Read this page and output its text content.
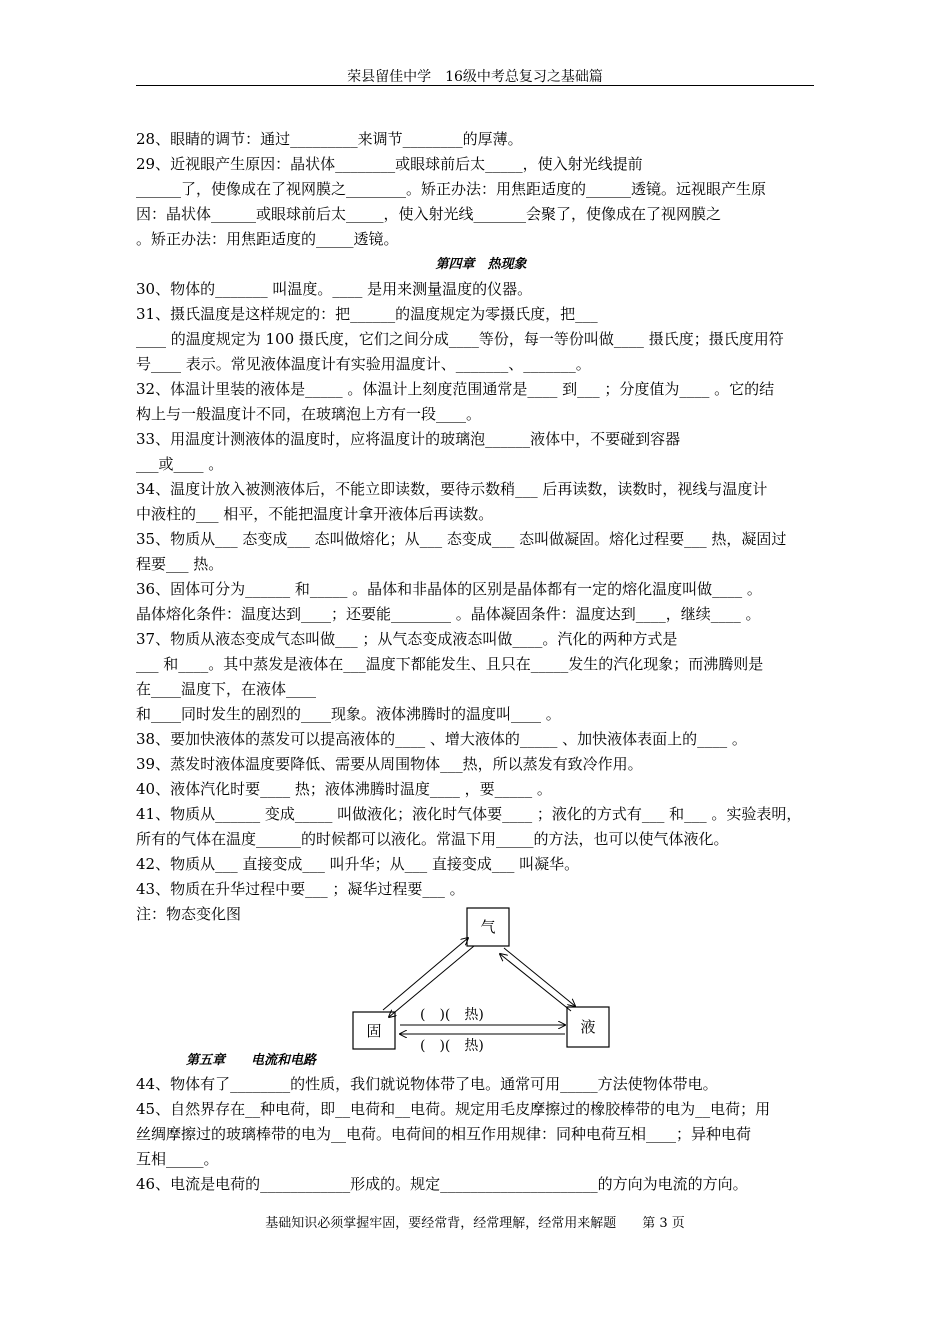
荣县留佳中学　16级中考总复习之基础篇

28、眼睛的调节：通过_________来调节________的厚薄。

29、近视眼产生原因：晶状体________或眼球前后太_____，使入射光线提前

______了，使像成在了视网膜之________。矫正办法：用焦距适度的______透镜。远视眼产生原

因：晶状体______或眼球前后太_____，使入射光线_______会聚了，使像成在了视网膜之

。矫正办法：用焦距适度的_____透镜。

第四章　热现象

30、物体的_______ 叫温度。____ 是用来测量温度的仪器。

31、摄氏温度是这样规定的：把______的温度规定为零摄氏度，把___

____ 的温度规定为 100 摄氏度，它们之间分成____等份，每一等份叫做____ 摄氏度；摄氏度用符

号____ 表示。常见液体温度计有实验用温度计、_______、_______。

32、体温计里装的液体是_____ 。体温计上刻度范围通常是____ 到___ ；分度值为____ 。它的结

构上与一般温度计不同，在玻璃泡上方有一段____。

33、用温度计测液体的温度时，应将温度计的玻璃泡______液体中，不要碰到容器

___或____ 。

34、温度计放入被测液体后，不能立即读数，要待示数稍___ 后再读数，读数时，视线与温度计

中液柱的___ 相平，不能把温度计拿开液体后再读数。

35、物质从___ 态变成___ 态叫做熔化；从___ 态变成___ 态叫做凝固。熔化过程要___ 热，凝固过

程要___ 热。

36、固体可分为______ 和_____ 。晶体和非晶体的区别是晶体都有一定的熔化温度叫做____ 。

晶体熔化条件：温度达到____；还要能________ 。晶体凝固条件：温度达到____，继续____ 。

37、物质从液态变成气态叫做___ ；从气态变成液态叫做____。汽化的两种方式是

___ 和____。其中蒸发是液体在___温度下都能发生、且只在_____发生的汽化现象；而沸腾则是

在____温度下，在液体____

和____同时发生的剧烈的____现象。液体沸腾时的温度叫____ 。

38、要加快液体的蒸发可以提高液体的____ 、增大液体的_____ 、加快液体表面上的____ 。

39、蒸发时液体温度要降低、需要从周围物体___热，所以蒸发有致冷作用。

40、液体汽化时要____ 热；液体沸腾时温度____ ，要_____ 。

41、物质从______ 变成_____ 叫做液化；液化时气体要____ ；液化的方式有___ 和___ 。实验表明，

所有的气体在温度______的时候都可以液化。常温下用_____的方法，也可以使气体液化。

42、物质从___ 直接变成___ 叫升华；从___ 直接变成___ 叫凝华。

43、物质在升华过程中要___ ；凝华过程要___ 。

注：物态变化图

气
固	液
(　)(　热)
(　)(　热)
第五章　　电流和电路

44、物体有了________的性质，我们就说物体带了电。通常可用_____方法使物体带电。

45、自然界存在__种电荷，即__电荷和__电荷。规定用毛皮摩擦过的橡胶棒带的电为__电荷；用

丝绸摩擦过的玻璃棒带的电为__电荷。电荷间的相互作用规律：同种电荷互相____；异种电荷

互相_____。

46、电流是电荷的____________形成的。规定_____________________的方向为电流的方向。

基础知识必须掌握牢固，要经常背，经常理解，经常用来解题　　第 3 页
